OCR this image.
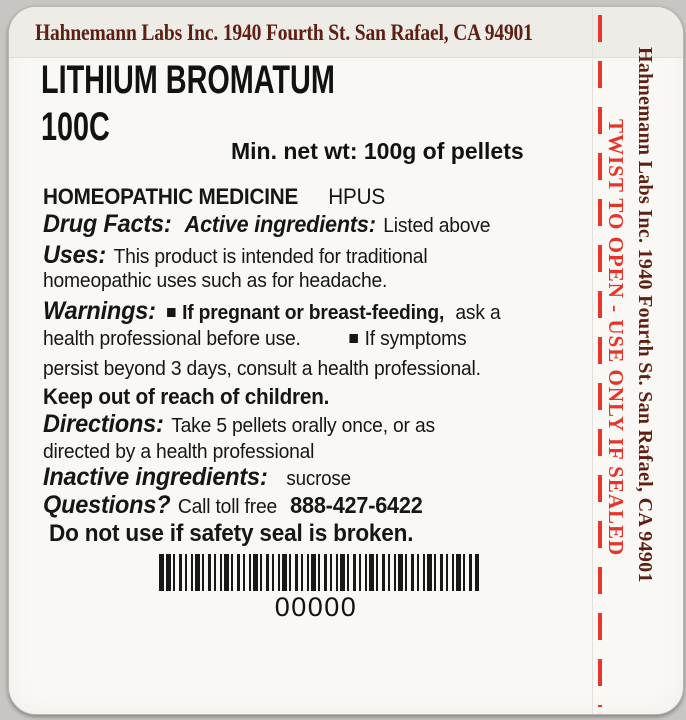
Hahnemann Labs Inc. 1940 Fourth St. San Rafael, CA 94901
LITHIUM BROMATUM
100C
Min. net wt: 100g of pellets
HOMEOPATHIC MEDICINE HPUS
Drug Facts: Active ingredients: Listed above
Uses: This product is intended for traditional
homeopathic uses such as for headache.
Warnings: If pregnant or breast-feeding, ask a
health professional before use.	If symptoms
persist beyond 3 days, consult a health professional.
Keep out of reach of children.
Directions: Take 5 pellets orally once, or as
directed by a health professional
Inactive ingredients: sucrose
Questions? Call toll free 888-427-6422
Do not use if safety seal is broken.
00000
TWIST TO OPEN - USE ONLY IF SEALED Hahnemann Labs Inc. 1940 Fourth St. San Rafael, CA 94901
